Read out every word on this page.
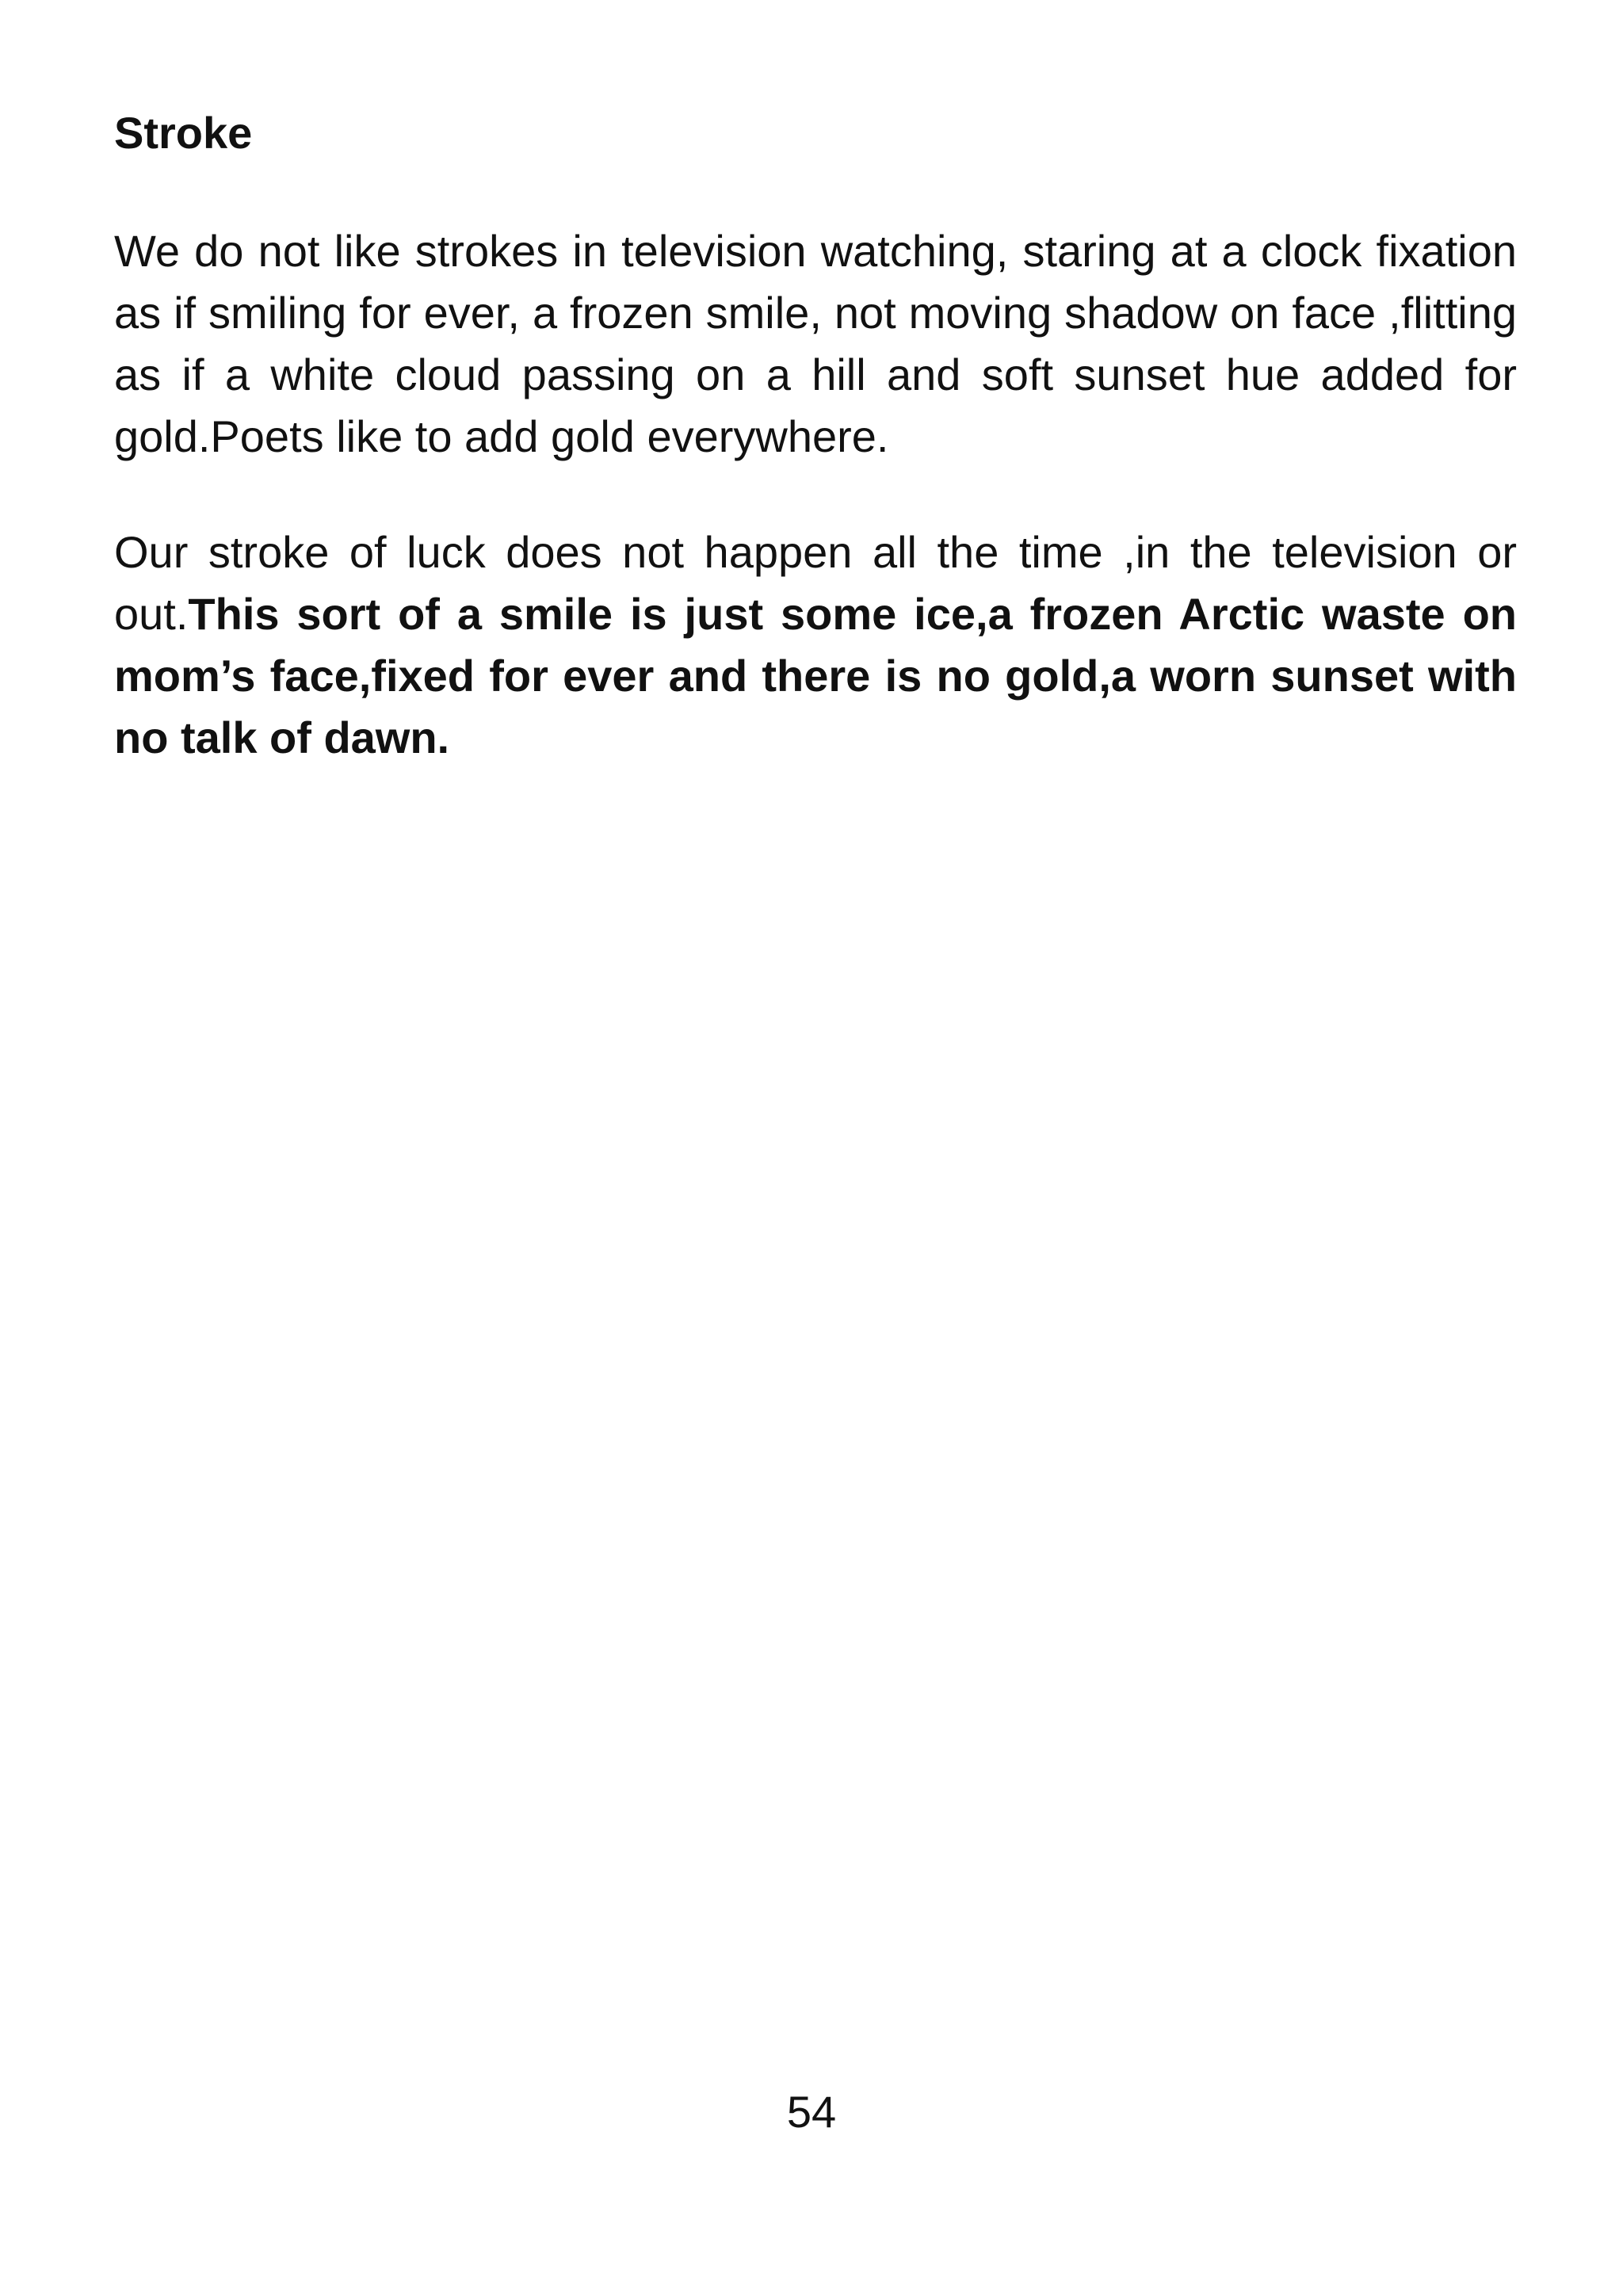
Stroke

We do not like strokes in television watching, staring at a clock fixation as if smiling for ever, a frozen smile, not moving shadow on face ,flitting as if a white cloud passing on a hill and soft sunset hue added for gold.Poets like to add gold everywhere.

Our stroke of luck does not happen all the time ,in the television or out.This sort of a smile is just some ice,a frozen Arctic waste on mom’s face,fixed for ever and there is no gold,a worn sunset with no talk of dawn.

54
